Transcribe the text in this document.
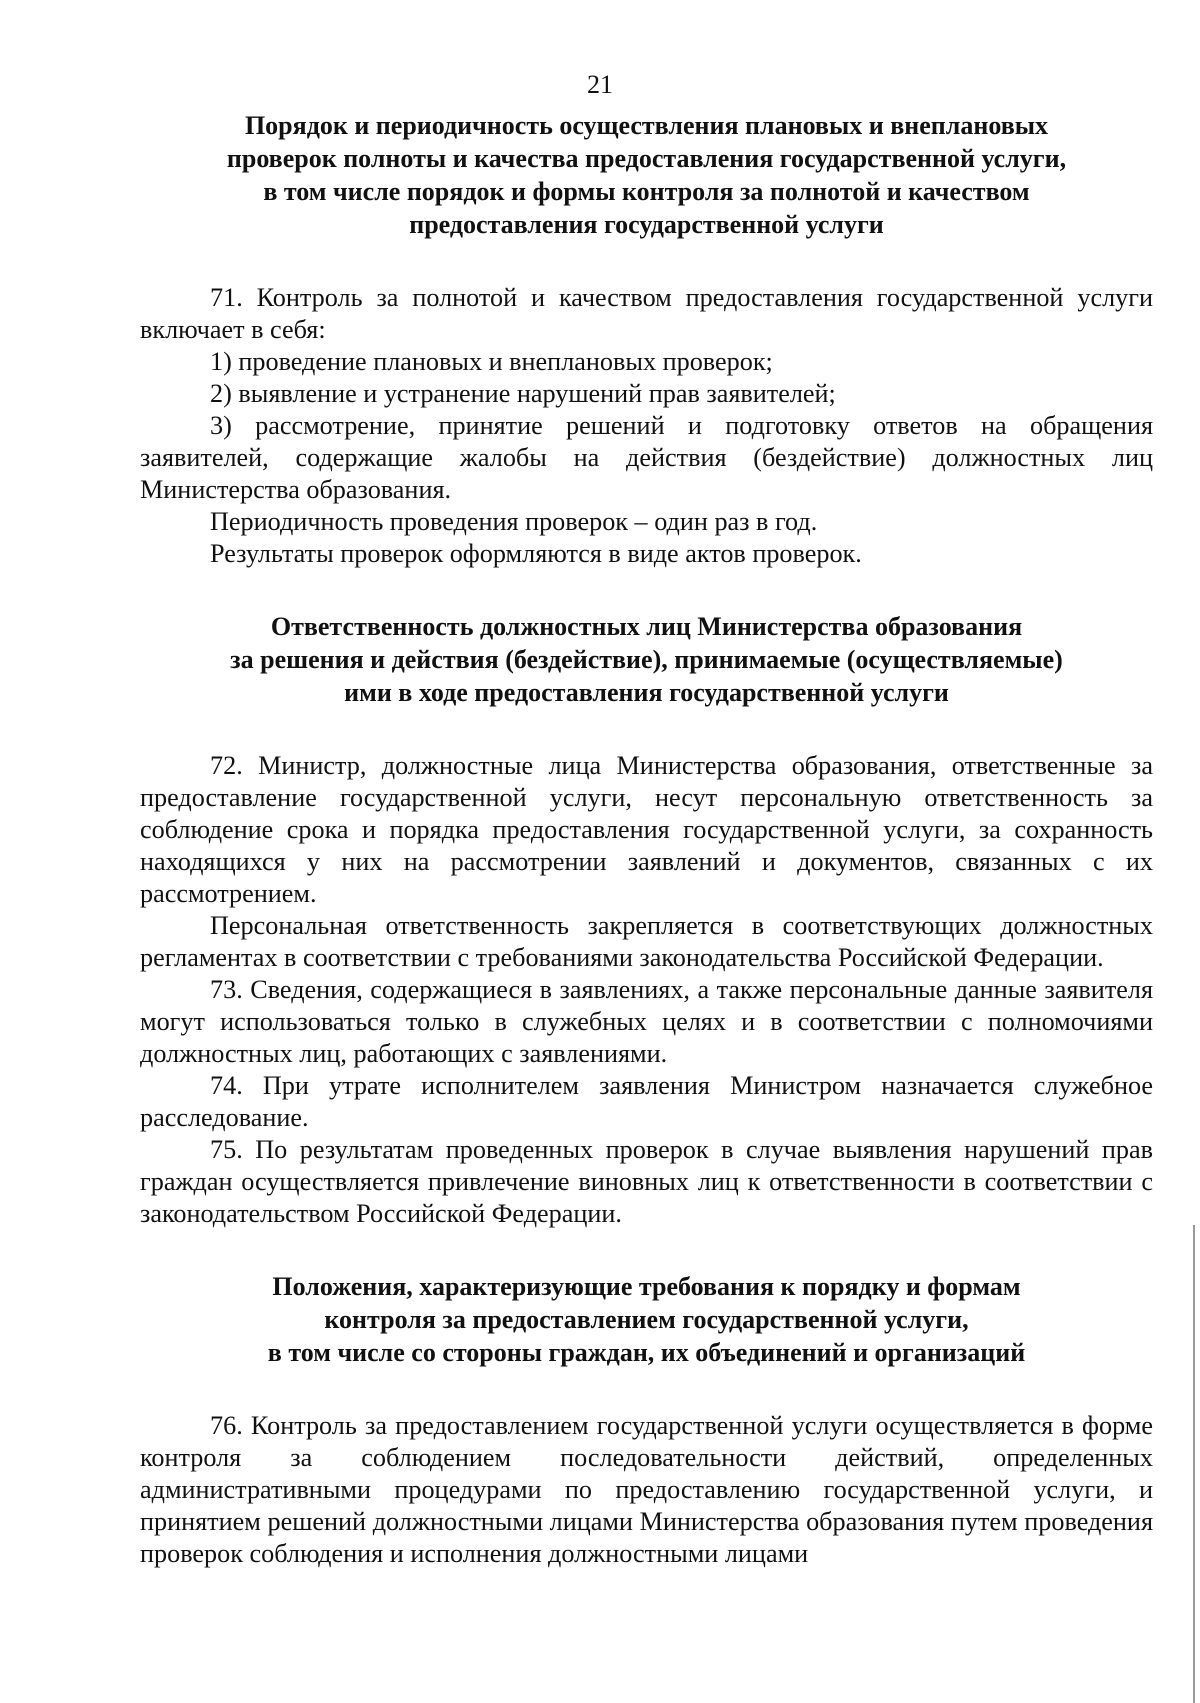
21
Порядок и периодичность осуществления плановых и внеплановых
проверок полноты и качества предоставления государственной услуги,
в том числе порядок и формы контроля за полнотой и качеством
предоставления государственной услуги

71. Контроль за полнотой и качеством предоставления государственной услуги включает в себя:

1) проведение плановых и внеплановых проверок;

2) выявление и устранение нарушений прав заявителей;

3) рассмотрение, принятие решений и подготовку ответов на обращения заявителей, содержащие жалобы на действия (бездействие) должностных лиц Министерства образования.

Периодичность проведения проверок – один раз в год.

Результаты проверок оформляются в виде актов проверок.

Ответственность должностных лиц Министерства образования
за решения и действия (бездействие), принимаемые (осуществляемые)
ими в ходе предоставления государственной услуги

72. Министр, должностные лица Министерства образования, ответственные за предоставление государственной услуги, несут персональную ответственность за соблюдение срока и порядка предоставления государственной услуги, за сохранность находящихся у них на рассмотрении заявлений и документов, связанных с их рассмотрением.

Персональная ответственность закрепляется в соответствующих должностных регламентах в соответствии с требованиями законодательства Российской Федерации.

73. Сведения, содержащиеся в заявлениях, а также персональные данные заявителя могут использоваться только в служебных целях и в соответствии с полномочиями должностных лиц, работающих с заявлениями.

74. При утрате исполнителем заявления Министром назначается служебное расследование.

75. По результатам проведенных проверок в случае выявления нарушений прав граждан осуществляется привлечение виновных лиц к ответственности в соответствии с законодательством Российской Федерации.

Положения, характеризующие требования к порядку и формам
контроля за предоставлением государственной услуги,
в том числе со стороны граждан, их объединений и организаций

76. Контроль за предоставлением государственной услуги осуществляется в форме контроля за соблюдением последовательности действий, определенных административными процедурами по предоставлению государственной услуги, и принятием решений должностными лицами Министерства образования путем проведения проверок соблюдения и исполнения должностными лицами
